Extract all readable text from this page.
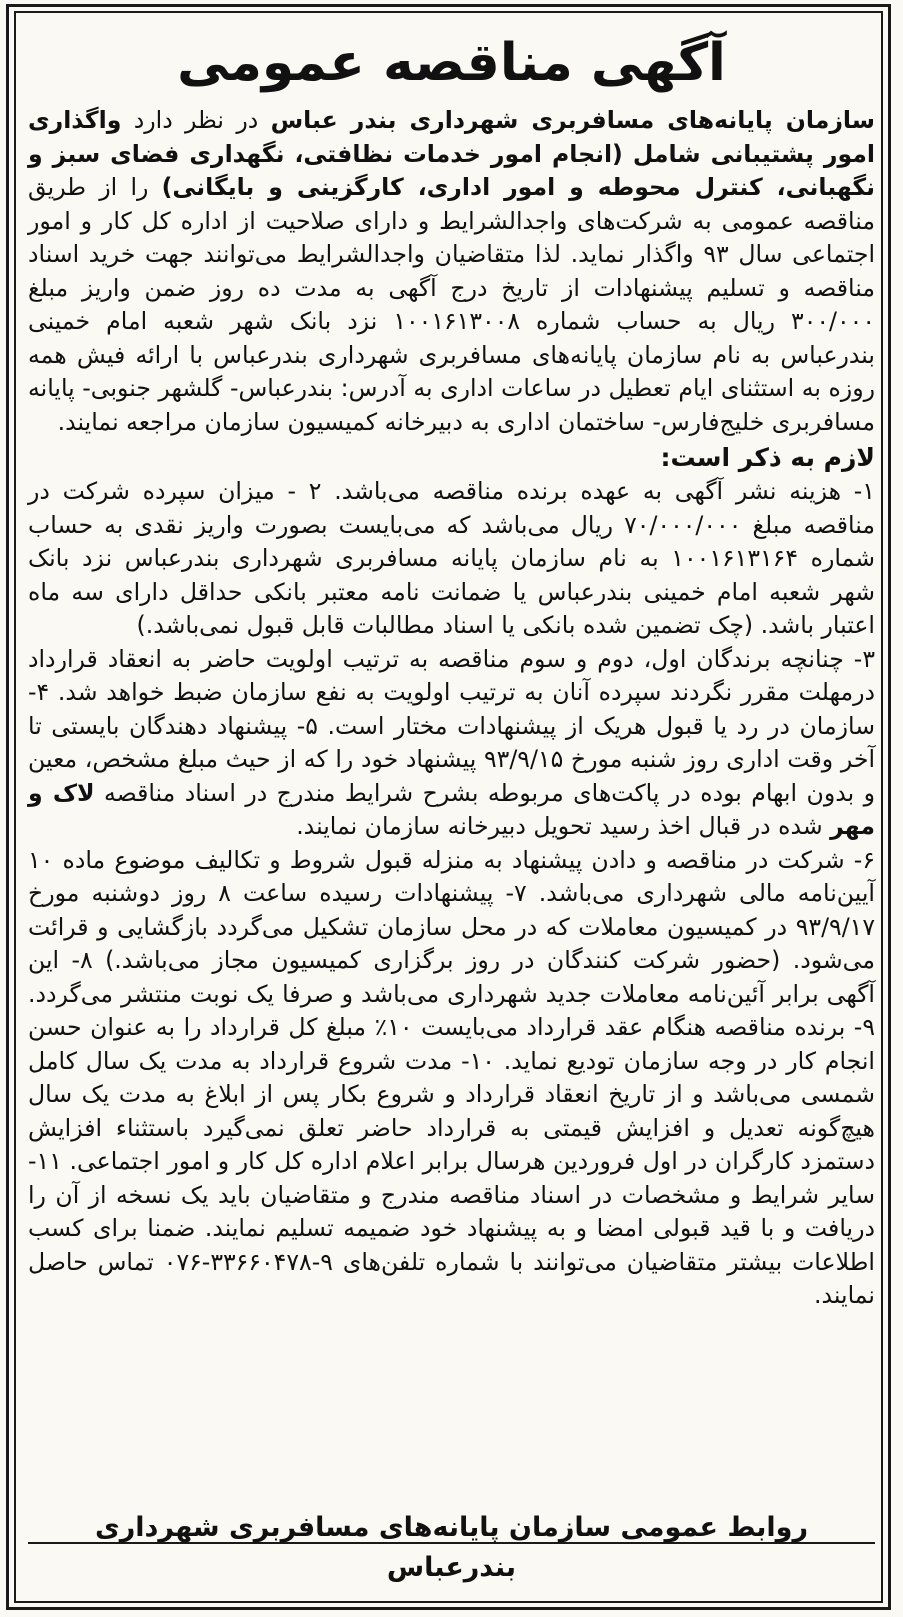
آگهی مناقصه عمومی

سازمان پایانه‌های مسافربری شهرداری بندر عباس در نظر دارد واگذاری امور پشتیبانی شامل (انجام امور خدمات نظافتی، نگهداری فضای سبز و نگهبانی، کنترل محوطه و امور اداری، کارگزینی و بایگانی) را از طریق مناقصه عمومی به شرکت‌های واجدالشرایط و دارای صلاحیت از اداره کل کار و امور اجتماعی سال ۹۳ واگذار نماید. لذا متقاضیان واجدالشرایط می‌توانند جهت خرید اسناد مناقصه و تسلیم پیشنهادات از تاریخ درج آگهی به مدت ده روز ضمن واریز مبلغ ۳۰۰/۰۰۰ ریال به حساب شماره ۱۰۰۱۶۱۳۰۰۸ نزد بانک شهر شعبه امام خمینی بندرعباس به نام سازمان پایانه‌های مسافربری شهرداری بندرعباس با ارائه فیش همه روزه به استثنای ایام تعطیل در ساعات اداری به آدرس: بندرعباس- گلشهر جنوبی- پایانه مسافربری خلیج‌فارس- ساختمان اداری به دبیرخانه کمیسیون سازمان مراجعه نمایند.

لازم به ذکر است:

۱- هزینه نشر آگهی به عهده برنده مناقصه می‌باشد. ۲ - میزان سپرده شرکت در مناقصه مبلغ ۷۰/۰۰۰/۰۰۰ ریال می‌باشد که می‌بایست بصورت واریز نقدی به حساب شماره ۱۰۰۱۶۱۳۱۶۴ به نام سازمان پایانه مسافربری شهرداری بندرعباس نزد بانک شهر شعبه امام خمینی بندرعباس یا ضمانت نامه معتبر بانکی حداقل دارای سه ماه اعتبار باشد. (چک تضمین شده بانکی یا اسناد مطالبات قابل قبول نمی‌باشد.)

۳- چنانچه برندگان اول، دوم و سوم مناقصه به ترتیب اولویت حاضر به انعقاد قرارداد درمهلت مقرر نگردند سپرده آنان به ترتیب اولویت به نفع سازمان ضبط خواهد شد. ۴- سازمان در رد یا قبول هریک از پیشنهادات مختار است. ۵- پیشنهاد دهندگان بایستی تا آخر وقت اداری روز شنبه مورخ ۹۳/۹/۱۵ پیشنهاد خود را که از حیث مبلغ مشخص، معین و بدون ابهام بوده در پاکت‌های مربوطه بشرح شرایط مندرج در اسناد مناقصه لاک و مهر شده در قبال اخذ رسید تحویل دبیرخانه سازمان نمایند.

۶- شرکت در مناقصه و دادن پیشنهاد به منزله قبول شروط و تکالیف موضوع ماده ۱۰ آیین‌نامه مالی شهرداری می‌باشد. ۷- پیشنهادات رسیده ساعت ۸ روز دوشنبه مورخ ۹۳/۹/۱۷ در کمیسیون معاملات که در محل سازمان تشکیل می‌گردد بازگشایی و قرائت می‌شود. (حضور شرکت کنندگان در روز برگزاری کمیسیون مجاز می‌باشد.) ۸- این آگهی برابر آئین‌نامه معاملات جدید شهرداری می‌باشد و صرفا یک نوبت منتشر می‌گردد. ۹- برنده مناقصه هنگام عقد قرارداد می‌بایست ۱۰٪ مبلغ کل قرارداد را به عنوان حسن انجام کار در وجه سازمان تودیع نماید. ۱۰- مدت شروع قرارداد به مدت یک سال کامل شمسی می‌باشد و از تاریخ انعقاد قرارداد و شروع بکار پس از ابلاغ به مدت یک سال هیچ‌گونه تعدیل و افزایش قیمتی به قرارداد حاضر تعلق نمی‌گیرد باستثناء افزایش دستمزد کارگران در اول فروردین هرسال برابر اعلام اداره کل کار و امور اجتماعی. ۱۱- سایر شرایط و مشخصات در اسناد مناقصه مندرج و متقاضیان باید یک نسخه از آن را دریافت و با قید قبولی امضا و به پیشنهاد خود ضمیمه تسلیم نمایند. ضمنا برای کسب اطلاعات بیشتر متقاضیان می‌توانند با شماره تلفن‌های ۹-۳۳۶۶۰۴۷۸-۰۷۶ تماس حاصل نمایند.

روابط عمومی سازمان پایانه‌های مسافربری شهرداری بندرعباس
